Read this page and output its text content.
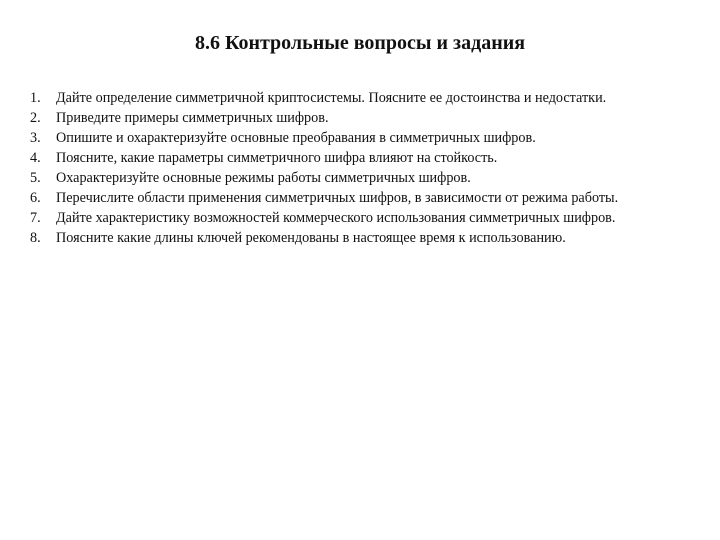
8.6 Контрольные вопросы и задания
1.	Дайте определение симметричной криптосистемы. Поясните ее достоинства и недостатки.
2.	Приведите примеры симметричных шифров.
3.	Опишите и охарактеризуйте основные преобравания в симметричных шифров.
4.	Поясните, какие параметры симметричного шифра влияют на стойкость.
5.	Охарактеризуйте основные режимы работы симметричных шифров.
6.	Перечислите области применения симметричных шифров, в зависимости от режима работы.
7.	Дайте характеристику возможностей коммерческого использования симметричных шифров.
8.	Поясните какие длины ключей рекомендованы в настоящее время к использованию.
